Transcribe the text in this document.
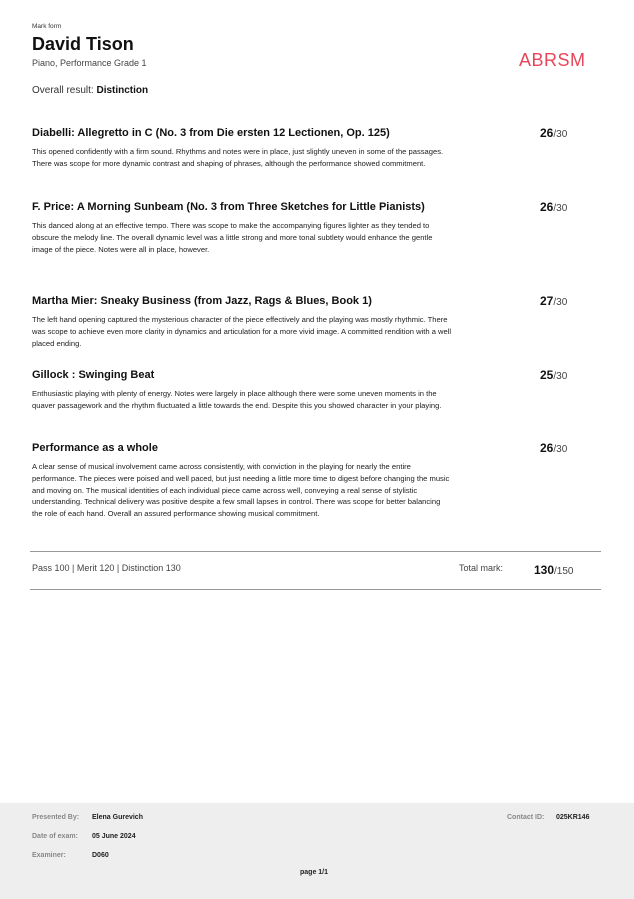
Mark form
David Tison
Piano, Performance Grade 1	ABRSM
Overall result: Distinction
Diabelli: Allegretto in C (No. 3 from Die ersten 12 Lectionen, Op. 125)	26/30
This opened confidently with a firm sound. Rhythms and notes were in place, just slightly uneven in some of the passages. There was scope for more dynamic contrast and shaping of phrases, although the performance showed commitment.
F. Price: A Morning Sunbeam (No. 3 from Three Sketches for Little Pianists)	26/30
This danced along at an effective tempo. There was scope to make the accompanying figures lighter as they tended to obscure the melody line. The overall dynamic level was a little strong and more tonal subtlety would enhance the gentle image of the piece. Notes were all in place, however.
Martha Mier: Sneaky Business (from Jazz, Rags & Blues, Book 1)	27/30
The left hand opening captured the mysterious character of the piece effectively and the playing was mostly rhythmic. There was scope to achieve even more clarity in dynamics and articulation for a more vivid image. A committed rendition with a well placed ending.
Gillock : Swinging Beat	25/30
Enthusiastic playing with plenty of energy. Notes were largely in place although there were some uneven moments in the quaver passagework and the rhythm fluctuated a little towards the end. Despite this you showed character in your playing.
Performance as a whole	26/30
A clear sense of musical involvement came across consistently, with conviction in the playing for nearly the entire performance. The pieces were poised and well paced, but just needing a little more time to digest before changing the music and moving on. The musical identities of each individual piece came across well, conveying a real sense of stylistic understanding. Technical delivery was positive despite a few small lapses in control. There was scope for better balancing the role of each hand. Overall an assured performance showing musical commitment.
Pass 100 | Merit 120 | Distinction 130	Total mark:	130/150
Presented By: Elena Gurevich
Date of exam: 05 June 2024
Examiner:	D060
Contact ID: 025KR146
page 1/1
